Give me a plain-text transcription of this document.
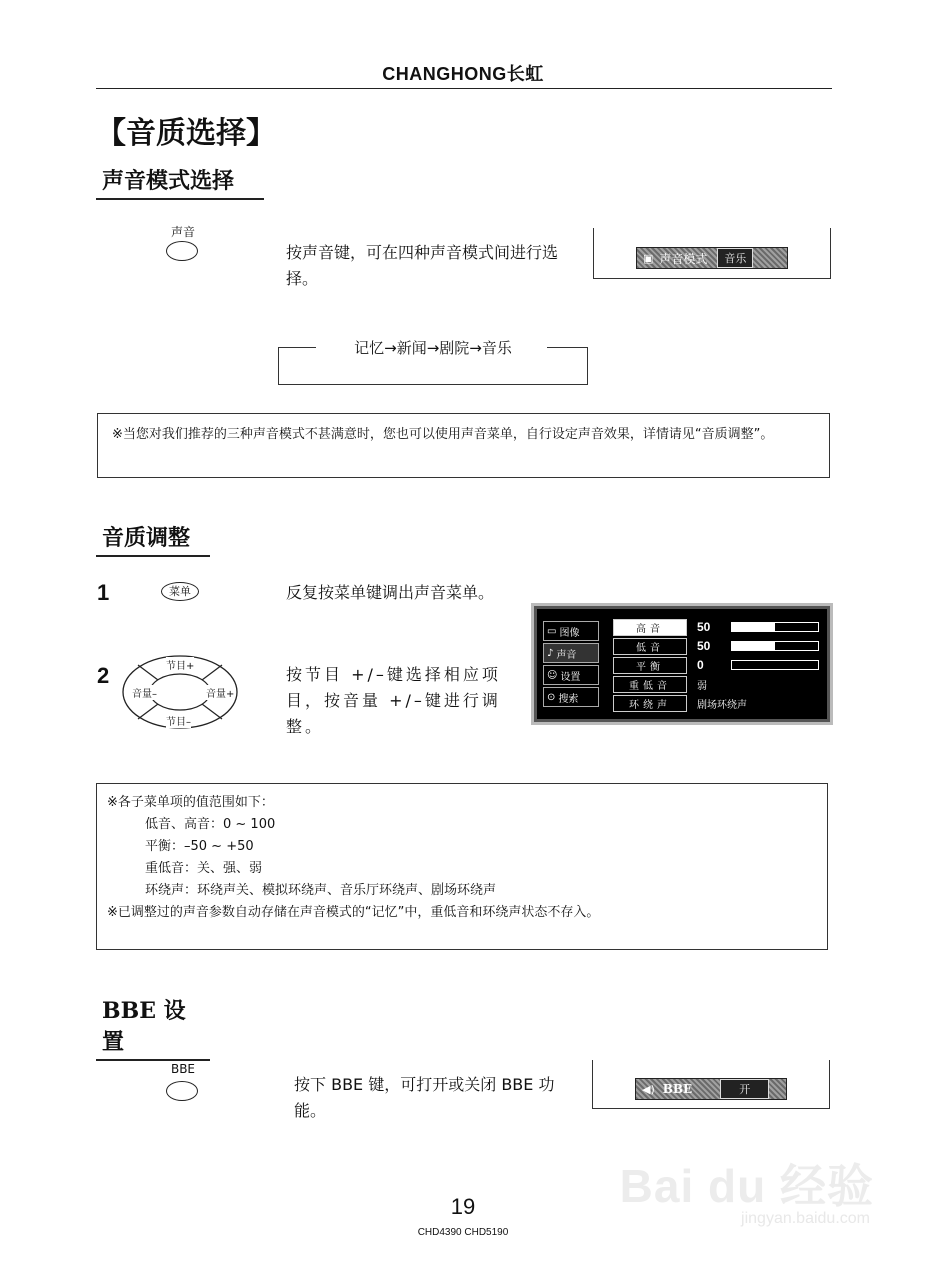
CHANGHONG长虹
【音质选择】
声音模式选择
声音
按声音键，可在四种声音模式间进行选择。
▣ 声音模式	音乐
记忆→新闻→剧院→音乐
※当您对我们推荐的三种声音模式不甚满意时，您也可以使用声音菜单，自行设定声音效果，详情请见“音质调整”。
音质调整
1	菜单	反复按菜单键调出声音菜单。
2	节目+
节目–
音量–	音量+
按节目 +/–键选择相应项目，按音量 +/–键进行调整。
▭ 图像
♪ 声音
☺ 设置
⊙ 搜索
高音	50
低音	50
平衡	0
重低音	弱
环绕声	剧场环绕声
※各子菜单项的值范围如下：
低音、高音：0 ~ 100
平衡：–50 ~ +50
重低音：关、强、弱
环绕声：环绕声关、模拟环绕声、音乐厅环绕声、剧场环绕声
※已调整过的声音参数自动存储在声音模式的“记忆”中，重低音和环绕声状态不存入。
BBE 设置
BBE
按下 BBE 键，可打开或关闭 BBE 功能。
◀) BBE	开
Bai du 经验
jingyan.baidu.com
19
CHD4390 CHD5190
